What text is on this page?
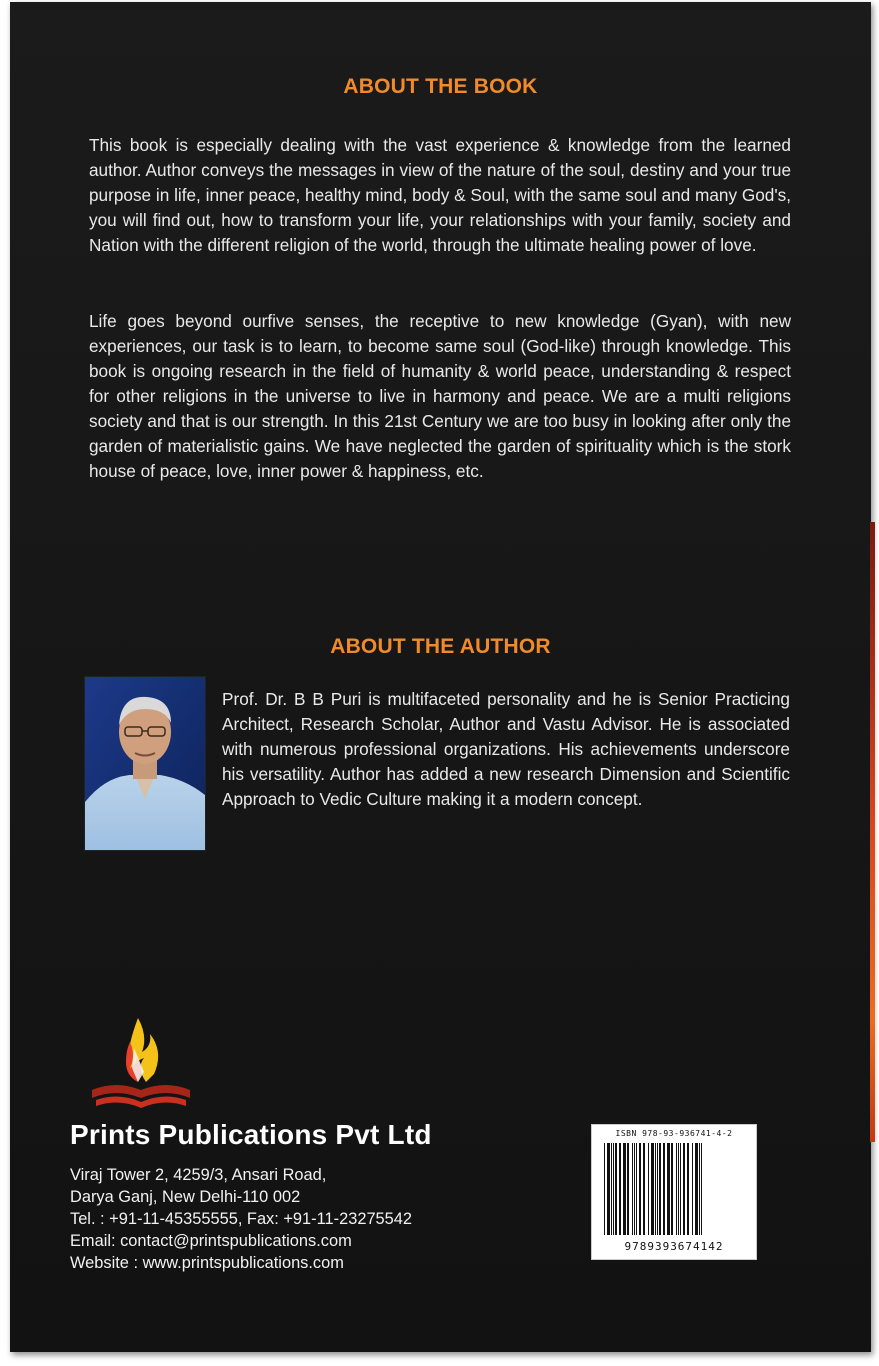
ABOUT THE BOOK

This book is especially dealing with the vast experience & knowledge from the learned author. Author conveys the messages in view of the nature of the soul, destiny and your true purpose in life, inner peace, healthy mind, body & Soul, with the same soul and many God's, you will find out, how to transform your life, your relationships with your family, society and Nation with the different religion of the world, through the ultimate healing power of love.

Life goes beyond ourfive senses, the receptive to new knowledge (Gyan), with new experiences, our task is to learn, to become same soul (God-like) through knowledge. This book is ongoing research in the field of humanity & world peace, understanding & respect for other religions in the universe to live in harmony and peace. We are a multi religions society and that is our strength. In this 21st Century we are too busy in looking after only the garden of materialistic gains. We have neglected the garden of spirituality which is the stork house of peace, love, inner power & happiness, etc.

ABOUT THE AUTHOR

Prof. Dr. B B Puri is multifaceted personality and he is Senior Practicing Architect, Research Scholar, Author and Vastu Advisor. He is associated with numerous professional organizations. His achievements underscore his versatility. Author has added a new research Dimension and Scientific Approach to Vedic Culture making it a modern concept.

Prints Publications Pvt Ltd
Viraj Tower 2, 4259/3, Ansari Road,
Darya Ganj, New Delhi-110 002
Tel. : +91-11-45355555, Fax: +91-11-23275542
Email: contact@printspublications.com
Website : www.printspublications.com
ISBN 978-93-936741-4-2
9789393674142
